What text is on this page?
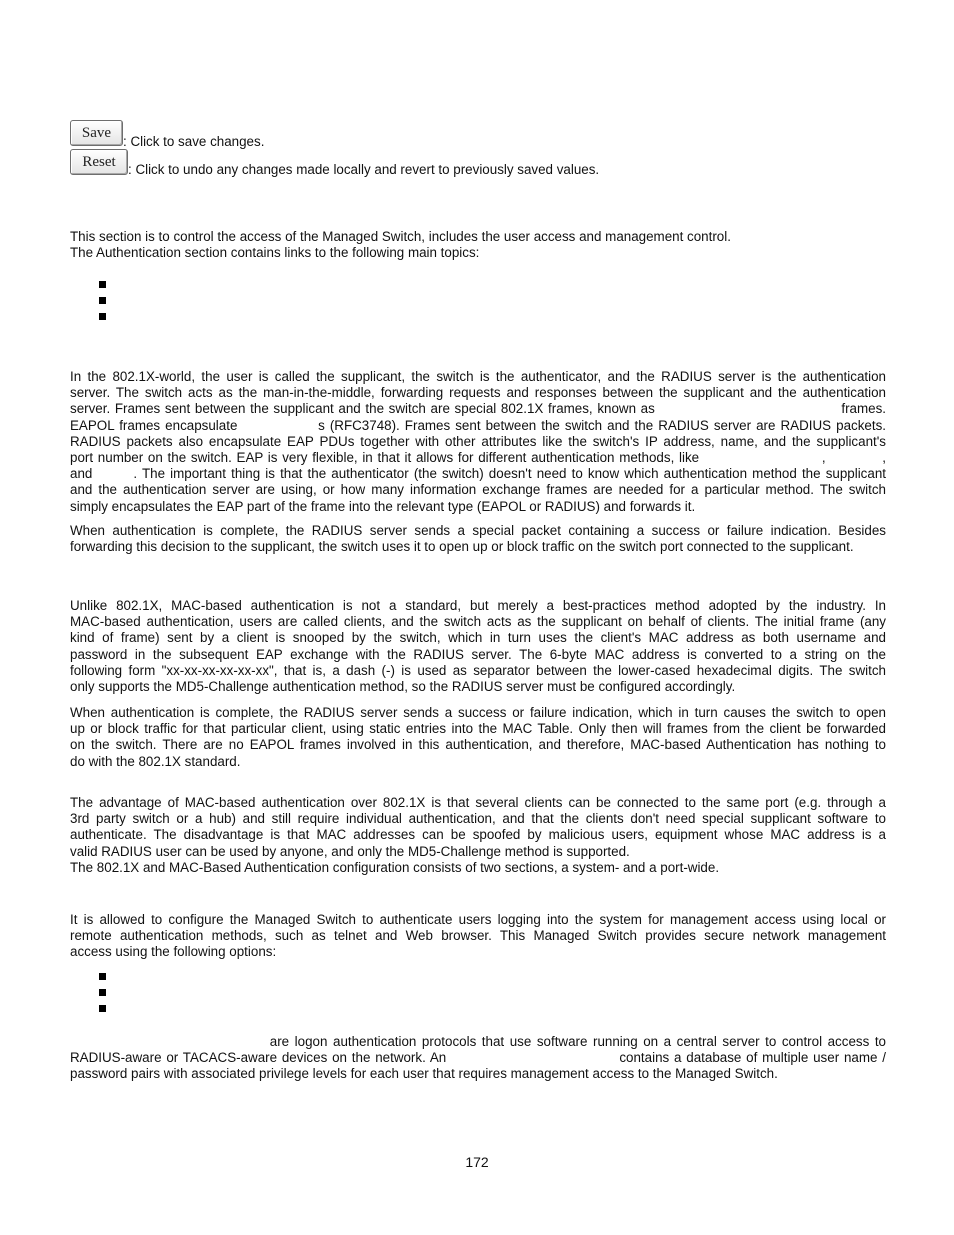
Save
: Click to save changes.
Reset : Click to undo any changes made locally and revert to previously saved values.
This section is to control the access of the Managed Switch, includes the user access and management control.
The Authentication section contains links to the following main topics:
In the 802.1X-world, the user is called the supplicant, the switch is the authenticator, and the RADIUS server is the authentication
server. The switch acts as the man-in-the-middle, forwarding requests and responses between the supplicant and the authentication
server. Frames sent between the supplicant and the switch are special 802.1X frames, known as                                        frames.
EAPOL frames encapsulate                s (RFC3748). Frames sent between the switch and the RADIUS server are RADIUS packets.
RADIUS packets also encapsulate EAP PDUs together with other attributes like the switch's IP address, name, and the supplicant's
port number on the switch. EAP is very flexible, in that it allows for different authentication methods, like                          ,            ,
and        . The important thing is that the authenticator (the switch) doesn't need to know which authentication method the supplicant
and the authentication server are using, or how many information exchange frames are needed for a particular method. The switch
simply encapsulates the EAP part of the frame into the relevant type (EAPOL or RADIUS) and forwards it.
When authentication is complete, the RADIUS server sends a special packet containing a success or failure indication. Besides
forwarding this decision to the supplicant, the switch uses it to open up or block traffic on the switch port connected to the supplicant.
Unlike 802.1X, MAC-based authentication is not a standard, but merely a best-practices method adopted by the industry. In
MAC-based authentication, users are called clients, and the switch acts as the supplicant on behalf of clients. The initial frame (any
kind of frame) sent by a client is snooped by the switch, which in turn uses the client's MAC address as both username and
password in the subsequent EAP exchange with the RADIUS server. The 6-byte MAC address is converted to a string on the
following form "xx-xx-xx-xx-xx-xx", that is, a dash (-) is used as separator between the lower-cased hexadecimal digits. The switch
only supports the MD5-Challenge authentication method, so the RADIUS server must be configured accordingly.
When authentication is complete, the RADIUS server sends a success or failure indication, which in turn causes the switch to open
up or block traffic for that particular client, using static entries into the MAC Table. Only then will frames from the client be forwarded
on the switch. There are no EAPOL frames involved in this authentication, and therefore, MAC-based Authentication has nothing to
do with the 802.1X standard.
The advantage of MAC-based authentication over 802.1X is that several clients can be connected to the same port (e.g. through a
3rd party switch or a hub) and still require individual authentication, and that the clients don't need special supplicant software to
authenticate. The disadvantage is that MAC addresses can be spoofed by malicious users, equipment whose MAC address is a
valid RADIUS user can be used by anyone, and only the MD5-Challenge method is supported.
The 802.1X and MAC-Based Authentication configuration consists of two sections, a system- and a port-wide.
It is allowed to configure the Managed Switch to authenticate users logging into the system for management access using local or
remote authentication methods, such as telnet and Web browser. This Managed Switch provides secure network management
access using the following options:
are logon authentication protocols that use software running on a central server to control access to
RADIUS-aware or TACACS-aware devices on the network. An                                    contains a database of multiple user name /
password pairs with associated privilege levels for each user that requires management access to the Managed Switch.
172
